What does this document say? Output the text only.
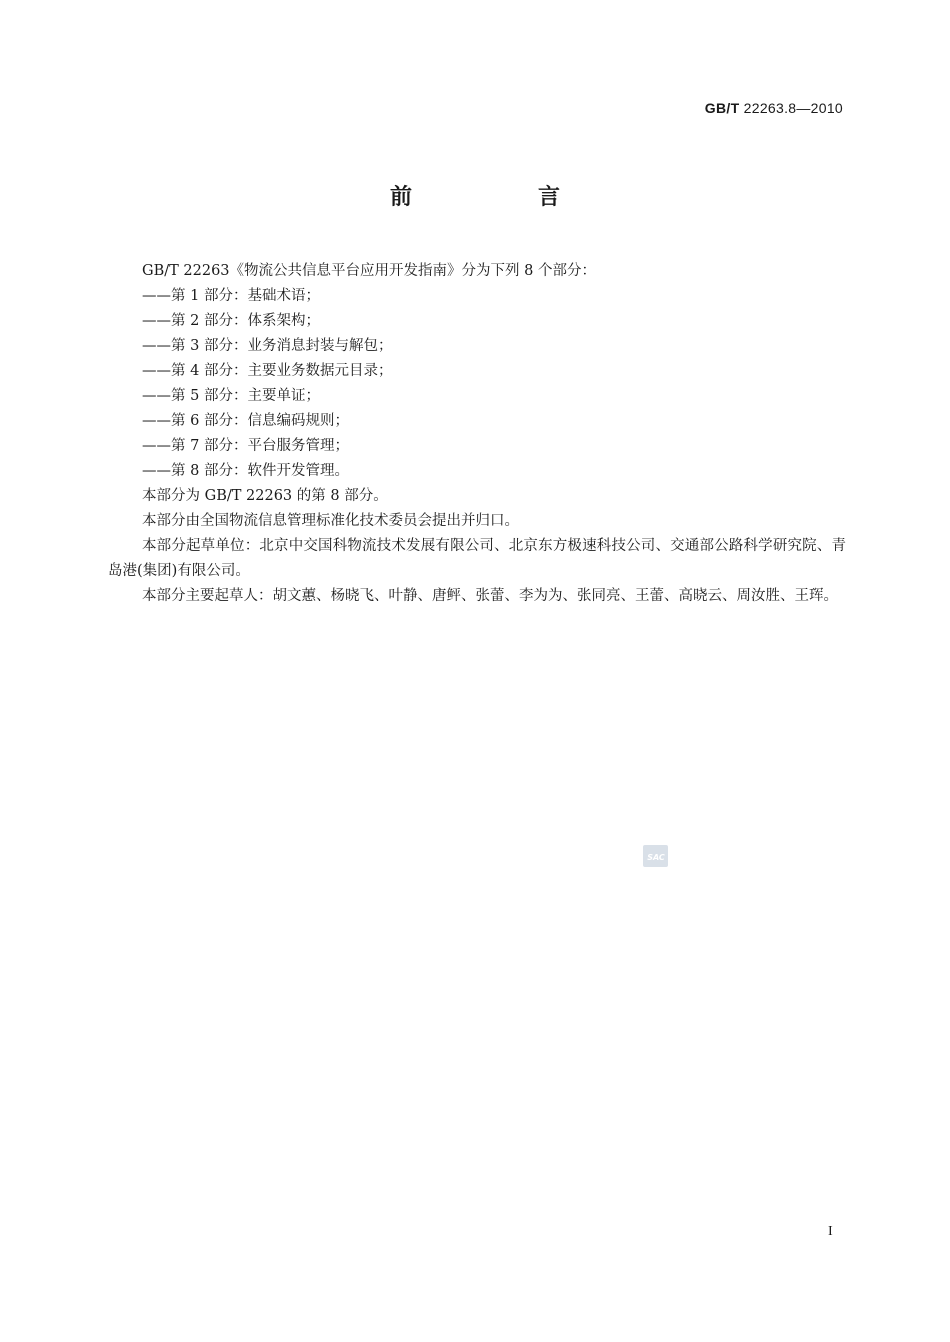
GB/T 22263.8—2010
前　言

GB/T 22263《物流公共信息平台应用开发指南》分为下列 8 个部分：

——第 1 部分：基础术语；

——第 2 部分：体系架构；

——第 3 部分：业务消息封装与解包；

——第 4 部分：主要业务数据元目录；

——第 5 部分：主要单证；

——第 6 部分：信息编码规则；

——第 7 部分：平台服务管理；

——第 8 部分：软件开发管理。

本部分为 GB/T 22263 的第 8 部分。

本部分由全国物流信息管理标准化技术委员会提出并归口。

本部分起草单位：北京中交国科物流技术发展有限公司、北京东方极速科技公司、交通部公路科学研究院、青岛港(集团)有限公司。

本部分主要起草人：胡文蕙、杨晓飞、叶静、唐鲆、张蕾、李为为、张同亮、王蕾、高晓云、周汝胜、王珲。

SAC
I
